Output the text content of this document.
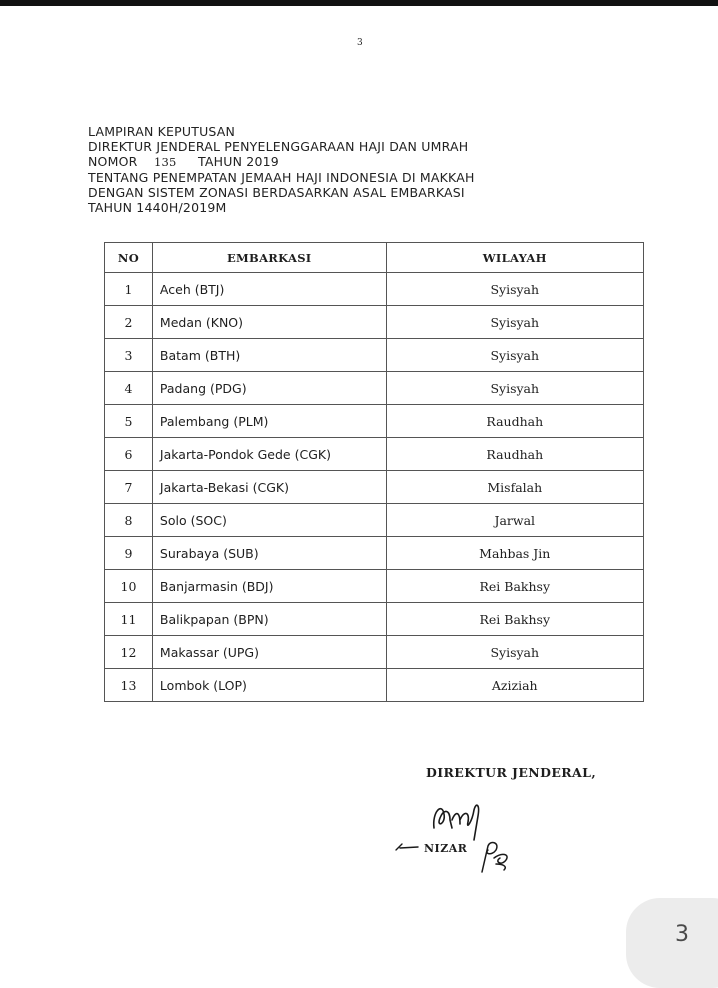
3
LAMPIRAN KEPUTUSAN
DIREKTUR JENDERAL PENYELENGGARAAN HAJI DAN UMRAH
NOMOR 135 TAHUN 2019
TENTANG PENEMPATAN JEMAAH HAJI INDONESIA DI MAKKAH
DENGAN SISTEM ZONASI BERDASARKAN ASAL EMBARKASI
TAHUN 1440H/2019M
NO	EMBARKASI	WILAYAH
1	Aceh (BTJ)	Syisyah
2	Medan (KNO)	Syisyah
3	Batam (BTH)	Syisyah
4	Padang (PDG)	Syisyah
5	Palembang (PLM)	Raudhah
6	Jakarta-Pondok Gede (CGK)	Raudhah
7	Jakarta-Bekasi (CGK)	Misfalah
8	Solo (SOC)	Jarwal
9	Surabaya (SUB)	Mahbas Jin
10	Banjarmasin (BDJ)	Rei Bakhsy
11	Balikpapan (BPN)	Rei Bakhsy
12	Makassar (UPG)	Syisyah
13	Lombok (LOP)	Aziziah
DIREKTUR JENDERAL,
NIZAR
3
